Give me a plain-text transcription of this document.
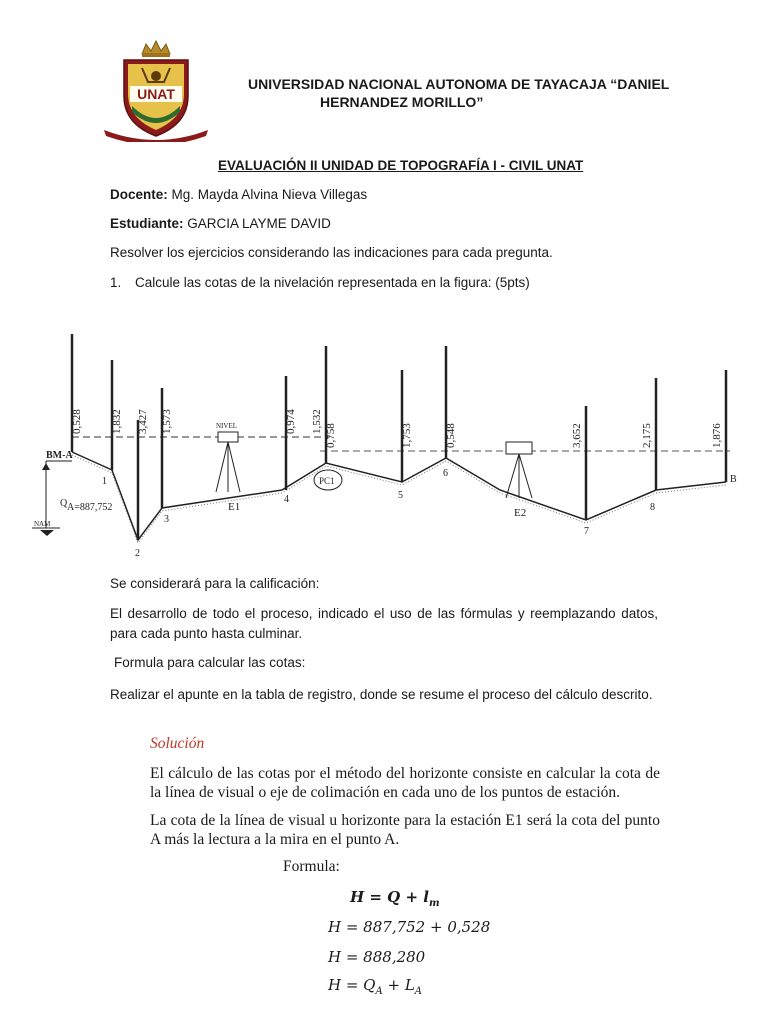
UNAT
UNIVERSIDAD NACIONAL AUTONOMA DE TAYACAJA “DANIEL
HERNANDEZ MORILLO”
EVALUACIÓN II UNIDAD DE TOPOGRAFÍA I - CIVIL UNAT
Docente: Mg. Mayda Alvina Nieva Villegas
Estudiante: GARCIA LAYME DAVID
Resolver los ejercicios considerando las indicaciones para cada pregunta.
1. Calcule las cotas de la nivelación representada en la figura: (5pts)
0,528	1,832 3,427 1,573	0,974 1,532
0,758	1,753	0,548	3,652	2,175	1,876
1
2
3
4	5
6
7
8
B
BM-A
Q A=887,752
NAM
NIVEL
E1	E2
PC1
Se considerará para la calificación:
El desarrollo de todo el proceso, indicado el uso de las fórmulas y reemplazando datos, para cada punto hasta culminar.
Formula para calcular las cotas:
Realizar el apunte en la tabla de registro, donde se resume el proceso del cálculo descrito.
Solución
El cálculo de las cotas por el método del horizonte consiste en calcular la cota de la línea de visual o eje de colimación en cada uno de los puntos de estación.
La cota de la línea de visual u horizonte para la estación E1 será la cota del punto A más la lectura a la mira en el punto A.
Formula:
$H = Q + l_m$
H = 887,752 + 0,528
H = 888,280
$H = Q_A + L_A$
